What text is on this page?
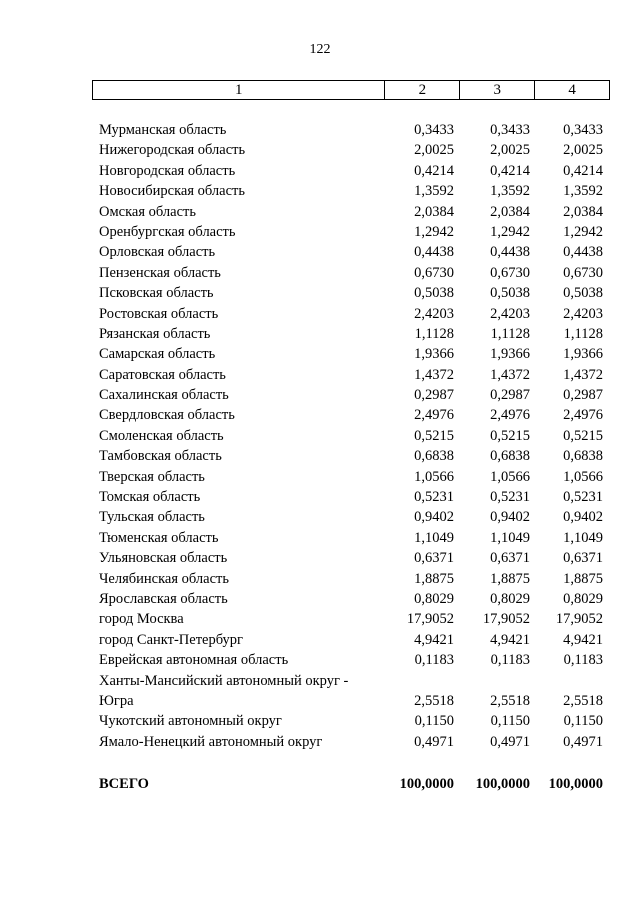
122
1	2	3	4
Мурманская область	0,3433 0,3433 0,3433
Нижегородская область	2,0025 2,0025 2,0025
Новгородская область	0,4214 0,4214 0,4214
Новосибирская область	1,3592 1,3592 1,3592
Омская область	2,0384 2,0384 2,0384
Оренбургская область	1,2942 1,2942 1,2942
Орловская область	0,4438 0,4438 0,4438
Пензенская область	0,6730 0,6730 0,6730
Псковская область	0,5038 0,5038 0,5038
Ростовская область	2,4203 2,4203 2,4203
Рязанская область	1,1128	1,1128 1,1128
Самарская область	1,9366 1,9366 1,9366
Саратовская область	1,4372 1,4372 1,4372
Сахалинская область	0,2987 0,2987 0,2987
Свердловская область	2,4976 2,4976 2,4976
Смоленская область	0,5215 0,5215 0,5215
Тамбовская область	0,6838 0,6838 0,6838
Тверская область	1,0566 1,0566 1,0566
Томская область	0,5231 0,5231 0,5231
Тульская область	0,9402 0,9402 0,9402
Тюменская область	1,1049 1,1049 1,1049
Ульяновская область	0,6371 0,6371 0,6371
Челябинская область	1,8875 1,8875 1,8875
Ярославская область	0,8029 0,8029 0,8029
город Москва	17,9052 17,9052 17,9052
город Санкт-Петербург	4,9421 4,9421 4,9421
Еврейская автономная область	0,1183	0,1183 0,1183
Ханты-Мансийский автономный округ -
Югра	2,5518 2,5518 2,5518
Чукотский автономный округ	0,1150	0,1150 0,1150
Ямало-Ненецкий автономный округ	0,4971 0,4971 0,4971
ВСЕГО	100,0000 100,0000 100,0000
